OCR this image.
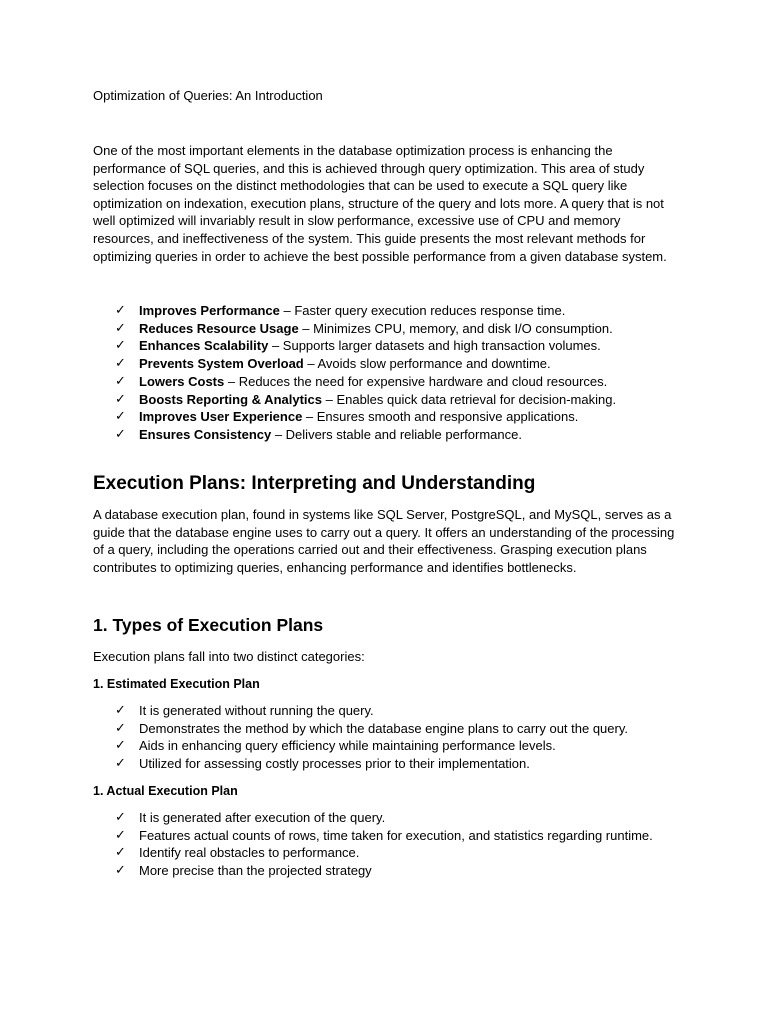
Optimization of Queries: An Introduction
One of the most important elements in the database optimization process is enhancing the performance of SQL queries, and this is achieved through query optimization. This area of study selection focuses on the distinct methodologies that can be used to execute a SQL query like optimization on indexation, execution plans, structure of the query and lots more. A query that is not well optimized will invariably result in slow performance, excessive use of CPU and memory resources, and ineffectiveness of the system. This guide presents the most relevant methods for optimizing queries in order to achieve the best possible performance from a given database system.
✓ Improves Performance – Faster query execution reduces response time.
✓ Reduces Resource Usage – Minimizes CPU, memory, and disk I/O consumption.
✓ Enhances Scalability – Supports larger datasets and high transaction volumes.
✓ Prevents System Overload – Avoids slow performance and downtime.
✓ Lowers Costs – Reduces the need for expensive hardware and cloud resources.
✓ Boosts Reporting & Analytics – Enables quick data retrieval for decision-making.
✓ Improves User Experience – Ensures smooth and responsive applications.
✓ Ensures Consistency – Delivers stable and reliable performance.
Execution Plans: Interpreting and Understanding
A database execution plan, found in systems like SQL Server, PostgreSQL, and MySQL, serves as a guide that the database engine uses to carry out a query. It offers an understanding of the processing of a query, including the operations carried out and their effectiveness. Grasping execution plans contributes to optimizing queries, enhancing performance and identifies bottlenecks.
1. Types of Execution Plans
Execution plans fall into two distinct categories:
1. Estimated Execution Plan
✓ It is generated without running the query.
✓ Demonstrates the method by which the database engine plans to carry out the query.
✓ Aids in enhancing query efficiency while maintaining performance levels.
✓ Utilized for assessing costly processes prior to their implementation.
1. Actual Execution Plan
✓ It is generated after execution of the query.
✓ Features actual counts of rows, time taken for execution, and statistics regarding runtime.
✓ Identify real obstacles to performance.
✓ More precise than the projected strategy
